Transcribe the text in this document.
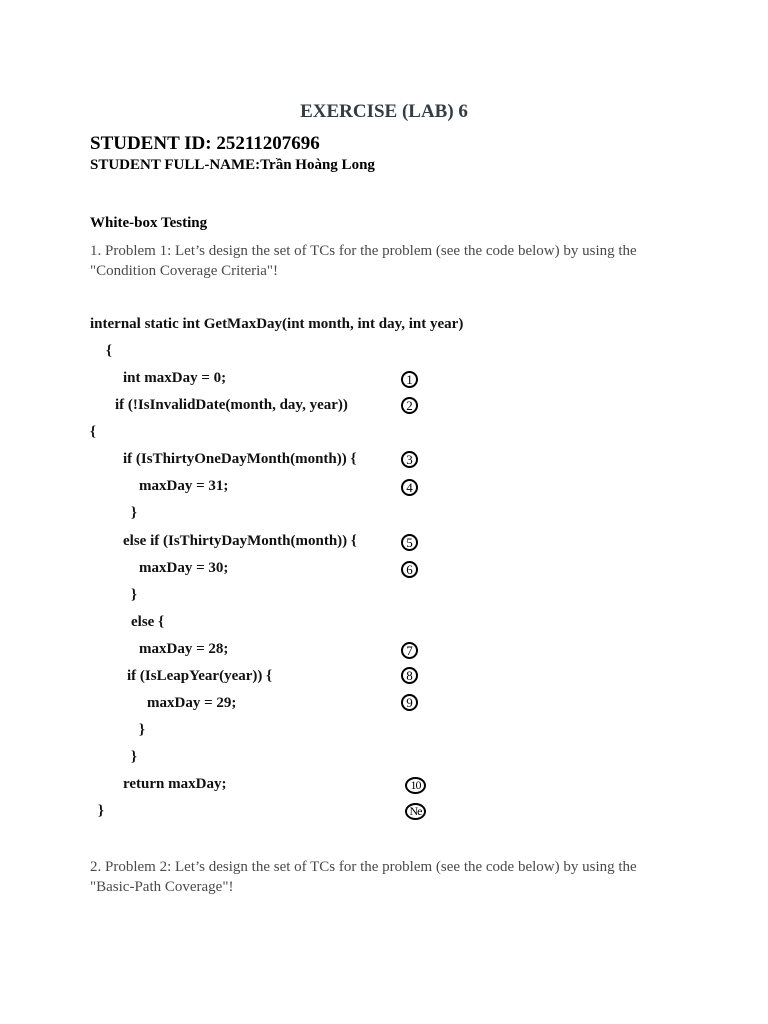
EXERCISE (LAB) 6
STUDENT ID: 25211207696
STUDENT FULL-NAME:Trần Hoàng Long
White-box Testing
1. Problem 1: Let’s design the set of TCs for the problem (see the code below) by using the "Condition Coverage Criteria"!
internal static int GetMaxDay(int month, int day, int year)
{
int maxDay = 0;
if (!IsInvalidDate(month, day, year))
{
if (IsThirtyOneDayMonth(month)) {
maxDay = 31;
}
else if (IsThirtyDayMonth(month)) {
maxDay = 30;
}
else {
maxDay = 28;
if (IsLeapYear(year)) {
maxDay = 29;
}
}
return maxDay;
}
1
2
3
4
5
6
7
8
9
10
Ne
2. Problem 2: Let’s design the set of TCs for the problem (see the code below) by using the "Basic-Path Coverage"!
